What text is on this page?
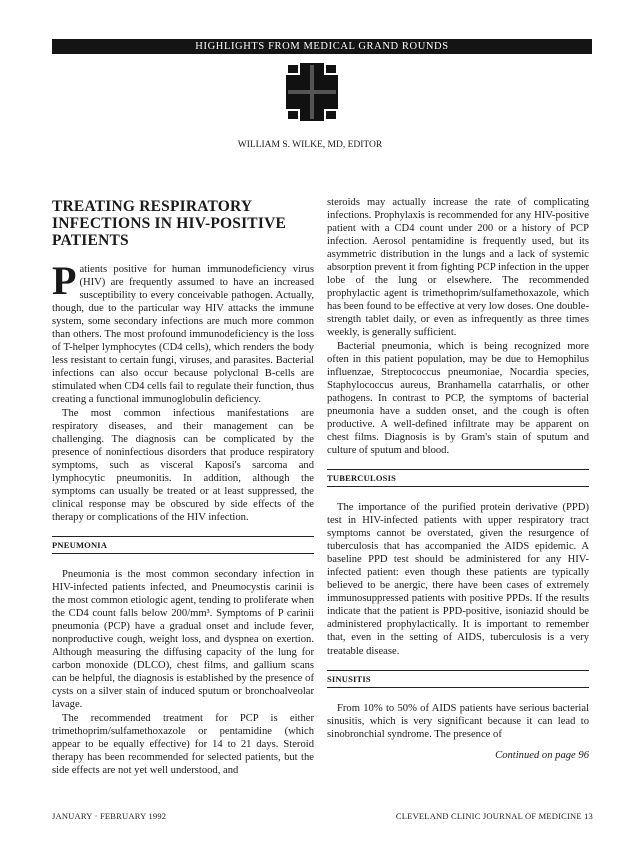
HIGHLIGHTS FROM MEDICAL GRAND ROUNDS
WILLIAM S. WILKE, MD, EDITOR
TREATING RESPIRATORY INFECTIONS IN HIV-POSITIVE PATIENTS

Patients positive for human immunodeficiency virus (HIV) are frequently assumed to have an increased susceptibility to every conceivable pathogen. Actually, though, due to the particular way HIV attacks the immune system, some secondary infections are much more common than others. The most profound immunodeficiency is the loss of T-helper lymphocytes (CD4 cells), which renders the body less resistant to certain fungi, viruses, and parasites. Bacterial infections can also occur because polyclonal B-cells are stimulated when CD4 cells fail to regulate their function, thus creating a functional immunoglobulin deficiency.

The most common infectious manifestations are respiratory diseases, and their management can be challenging. The diagnosis can be complicated by the presence of noninfectious disorders that produce respiratory symptoms, such as visceral Kaposi's sarcoma and lymphocytic pneumonitis. In addition, although the symptoms can usually be treated or at least suppressed, the clinical response may be obscured by side effects of the therapy or complications of the HIV infection.

PNEUMONIA

Pneumonia is the most common secondary infection in HIV-infected patients infected, and Pneumocystis carinii is the most common etiologic agent, tending to proliferate when the CD4 count falls below 200/mm³. Symptoms of P carinii pneumonia (PCP) have a gradual onset and include fever, nonproductive cough, weight loss, and dyspnea on exertion. Although measuring the diffusing capacity of the lung for carbon monoxide (DLCO), chest films, and gallium scans can be helpful, the diagnosis is established by the presence of cysts on a silver stain of induced sputum or bronchoalveolar lavage.

The recommended treatment for PCP is either trimethoprim/sulfamethoxazole or pentamidine (which appear to be equally effective) for 14 to 21 days. Steroid therapy has been recommended for selected patients, but the side effects are not yet well understood, and

steroids may actually increase the rate of complicating infections. Prophylaxis is recommended for any HIV-positive patient with a CD4 count under 200 or a history of PCP infection. Aerosol pentamidine is frequently used, but its asymmetric distribution in the lungs and a lack of systemic absorption prevent it from fighting PCP infection in the upper lobe of the lung or elsewhere. The recommended prophylactic agent is trimethoprim/sulfamethoxazole, which has been found to be effective at very low doses. One double-strength tablet daily, or even as infrequently as three times weekly, is generally sufficient.

Bacterial pneumonia, which is being recognized more often in this patient population, may be due to Hemophilus influenzae, Streptococcus pneumoniae, Nocardia species, Staphylococcus aureus, Branhamella catarrhalis, or other pathogens. In contrast to PCP, the symptoms of bacterial pneumonia have a sudden onset, and the cough is often productive. A well-defined infiltrate may be apparent on chest films. Diagnosis is by Gram's stain of sputum and culture of sputum and blood.

TUBERCULOSIS

The importance of the purified protein derivative (PPD) test in HIV-infected patients with upper respiratory tract symptoms cannot be overstated, given the resurgence of tuberculosis that has accompanied the AIDS epidemic. A baseline PPD test should be administered for any HIV-infected patient: even though these patients are typically believed to be anergic, there have been cases of extremely immunosuppressed patients with positive PPDs. If the results indicate that the patient is PPD-positive, isoniazid should be administered prophylactically. It is important to remember that, even in the setting of AIDS, tuberculosis is a very treatable disease.

SINUSITIS

From 10% to 50% of AIDS patients have serious bacterial sinusitis, which is very significant because it can lead to sinobronchial syndrome. The presence of

Continued on page 96
JANUARY · FEBRUARY 1992	CLEVELAND CLINIC JOURNAL OF MEDICINE 13
